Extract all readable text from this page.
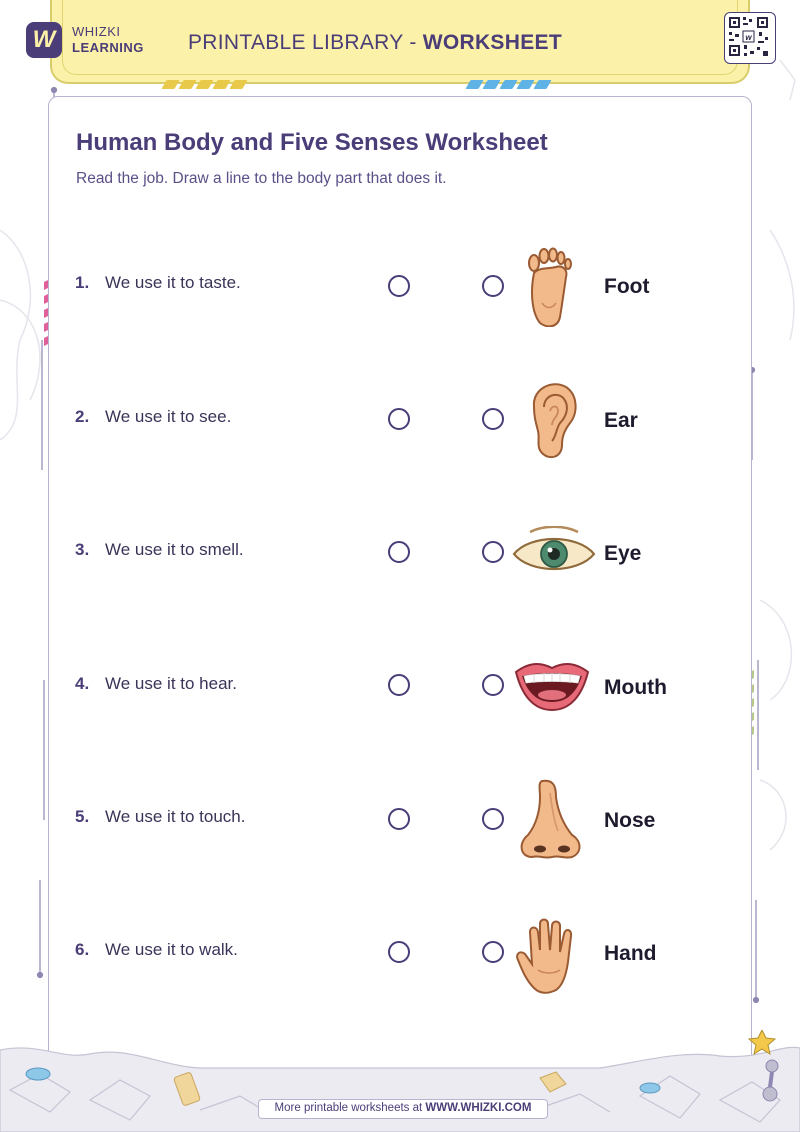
W	WHIZKI
LEARNING PRINTABLE LIBRARY - WORKSHEET	w
Human Body and Five Senses Worksheet
Read the job. Draw a line to the body part that does it.
1. We use it to taste.	Foot
2. We use it to see.	Ear
3. We use it to smell.	Eye
4. We use it to hear.	Mouth
5. We use it to touch.	Nose
6. We use it to walk.	Hand
More printable worksheets at WWW.WHIZKI.COM
